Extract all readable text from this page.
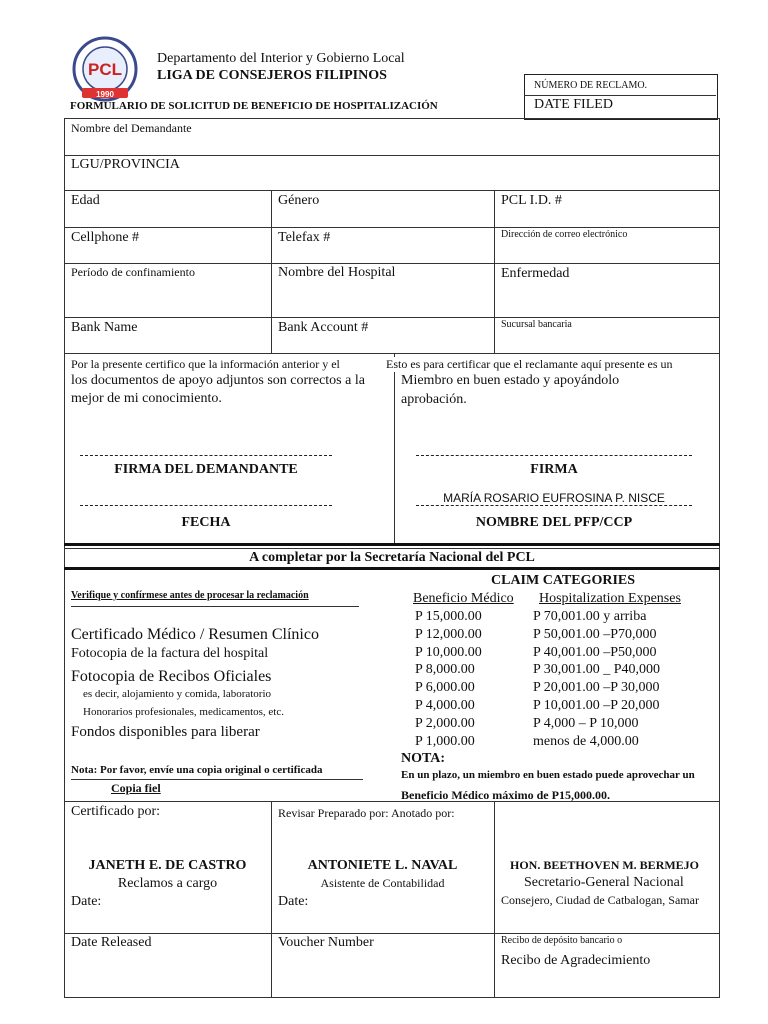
PCL
1990
Departamento del Interior y Gobierno Local
LIGA DE CONSEJEROS FILIPINOS
FORMULARIO DE SOLICITUD DE BENEFICIO DE HOSPITALIZACIÓN
NÚMERO DE RECLAMO.
DATE FILED
Nombre del Demandante
LGU/PROVINCIA
Edad	Género	PCL I.D. #
Cellphone #	Telefax #	Dirección de correo electrónico
Período de confinamiento	Nombre del Hospital	Enfermedad
Bank Name	Bank Account #	Sucursal bancaria
Por la presente certifico que la información anterior y el	Esto es para certificar que el reclamante aquí presente es un
los documentos de apoyo adjuntos son correctos a la
mejor de mi conocimiento.
Miembro en buen estado y apoyándolo
aprobación.
FIRMA DEL DEMANDANTE	FIRMA
MARÍA ROSARIO EUFROSINA P. NISCE
FECHA	NOMBRE DEL PFP/CCP
A completar por la Secretaría Nacional del PCL
Verifique y confírmese antes de procesar la reclamación
Certificado Médico / Resumen Clínico
Fotocopia de la factura del hospital
Fotocopia de Recibos Oficiales
es decir, alojamiento y comida, laboratorio
Honorarios profesionales, medicamentos, etc.
Fondos disponibles para liberar
Nota: Por favor, envíe una copia original o certificada
Copia fiel
CLAIM CATEGORIES
Beneficio Médico Hospitalization Expenses
P 15,000.00	P 70,001.00 y arriba
P 12,000.00	P 50,001.00 –P70,000
P 10,000.00	P 40,001.00 –P50,000
P 8,000.00	P 30,001.00 _ P40,000
P 6,000.00	P 20,001.00 –P 30,000
P 4,000.00	P 10,001.00 –P 20,000
P 2,000.00	P 4,000 – P 10,000
P 1,000.00	menos de 4,000.00
NOTA:
En un plazo, un miembro en buen estado puede aprovechar un
Beneficio Médico máximo de P15,000.00.
Certificado por:	Revisar Preparado por: Anotado por:
JANETH E. DE CASTRO
Reclamos a cargo
Date:
ANTONIETE L. NAVAL
Asistente de Contabilidad
Date:
HON. BEETHOVEN M. BERMEJO
Secretario-General Nacional
Consejero, Ciudad de Catbalogan, Samar
Date Released	Voucher Number	Recibo de depósito bancario o
Recibo de Agradecimiento
